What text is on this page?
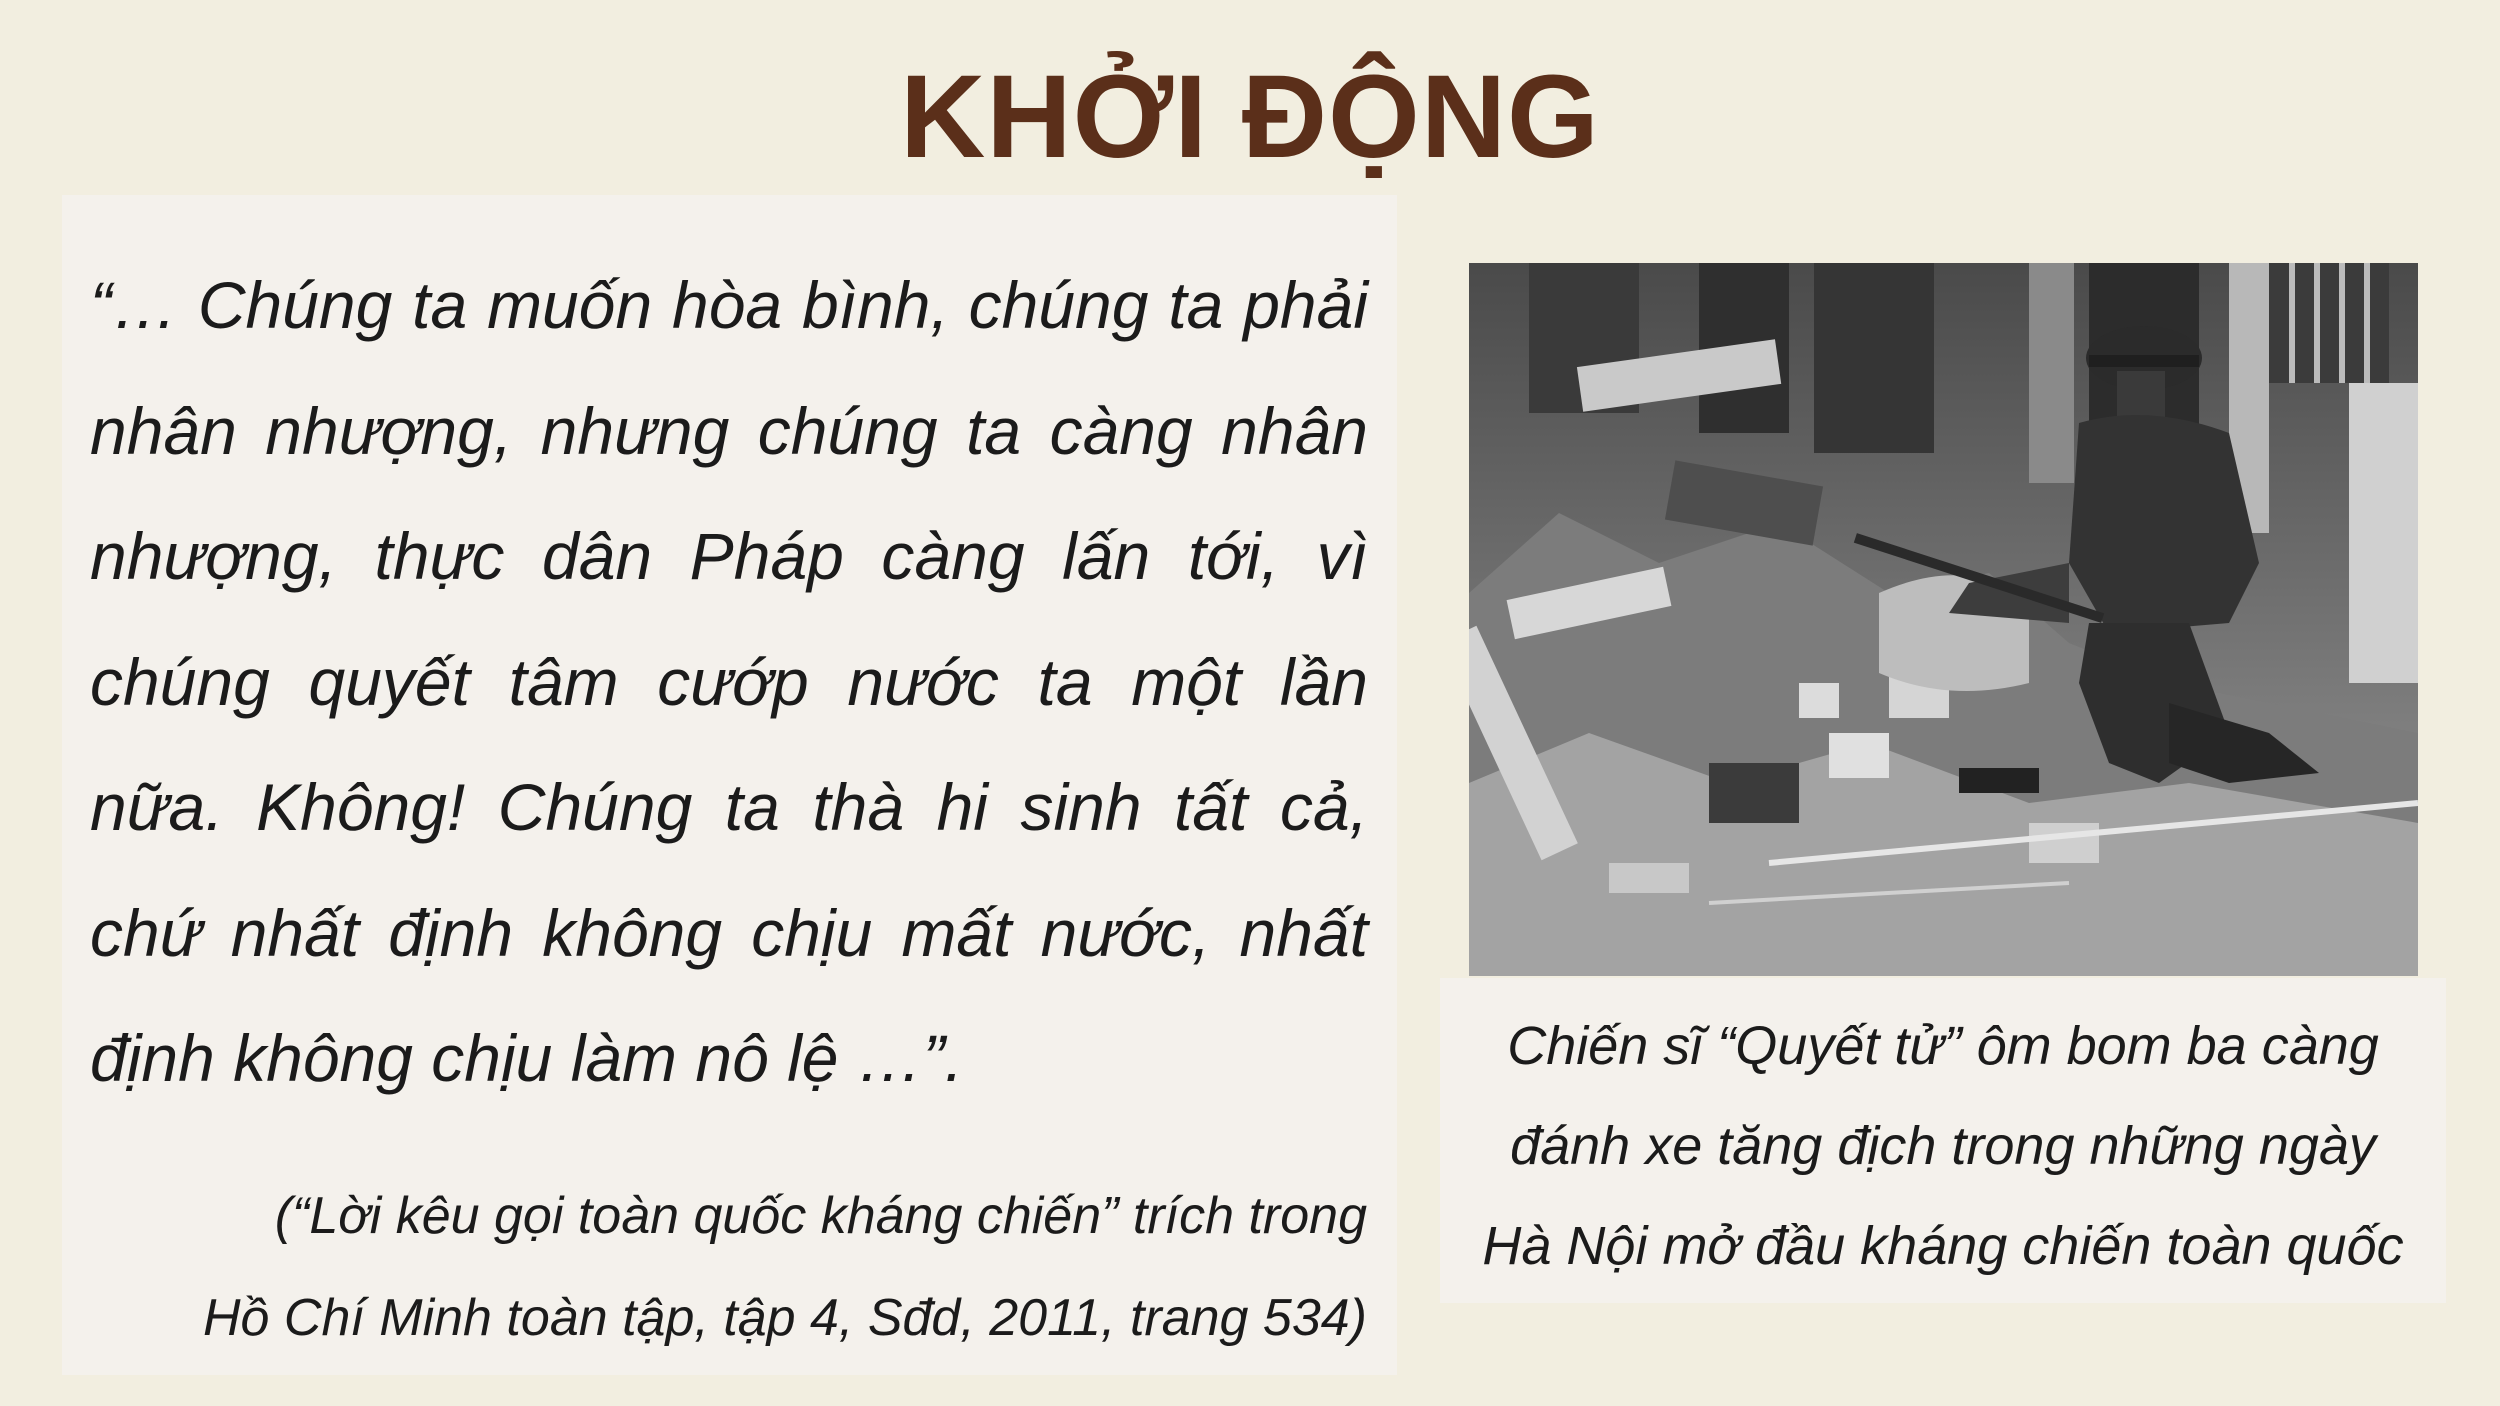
KHỞI ĐỘNG
“… Chúng ta muốn hòa bình, chúng ta phải nhân nhượng, nhưng chúng ta càng nhân nhượng, thực dân Pháp càng lấn tới, vì chúng quyết tâm cướp nước ta một lần nữa. Không! Chúng ta thà hi sinh tất cả, chứ nhất định không chịu mất nước, nhất định không chịu làm nô lệ …”.
(“Lời kêu gọi toàn quốc kháng chiến” trích trong
Hồ Chí Minh toàn tập, tập 4, Sđd, 2011, trang 534)
Chiến sĩ “Quyết tử” ôm bom ba càng
đánh xe tăng địch trong những ngày
Hà Nội mở đầu kháng chiến toàn quốc
